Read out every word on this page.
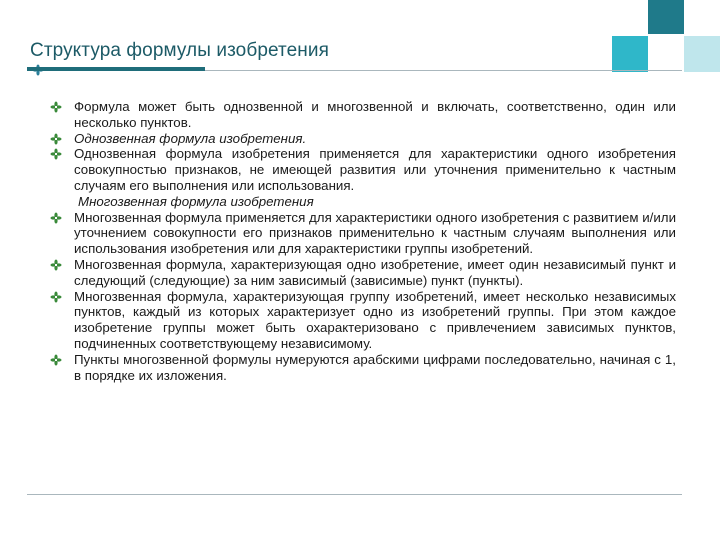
Структура формулы изобретения
Формула может быть однозвенной и многозвенной и включать, соответственно, один или несколько пунктов.
Однозвенная формула изобретения.
Однозвенная формула изобретения применяется для характеристики одного изобретения совокупностью признаков, не имеющей развития или уточнения применительно к частным случаям его выполнения или использования.
Многозвенная формула изобретения
Многозвенная формула применяется для характеристики одного изобретения с развитием и/или уточнением совокупности его признаков применительно к частным случаям выполнения или использования изобретения или для характеристики группы изобретений.
Многозвенная формула, характеризующая одно изобретение, имеет один независимый пункт и следующий (следующие) за ним зависимый (зависимые) пункт (пункты).
Многозвенная формула, характеризующая группу изобретений, имеет несколько независимых пунктов, каждый из которых характеризует одно из изобретений группы. При этом каждое изобретение группы может быть охарактеризовано с привлечением зависимых пунктов, подчиненных соответствующему независимому.
Пункты многозвенной формулы нумеруются арабскими цифрами последовательно, начиная с 1, в порядке их изложения.
